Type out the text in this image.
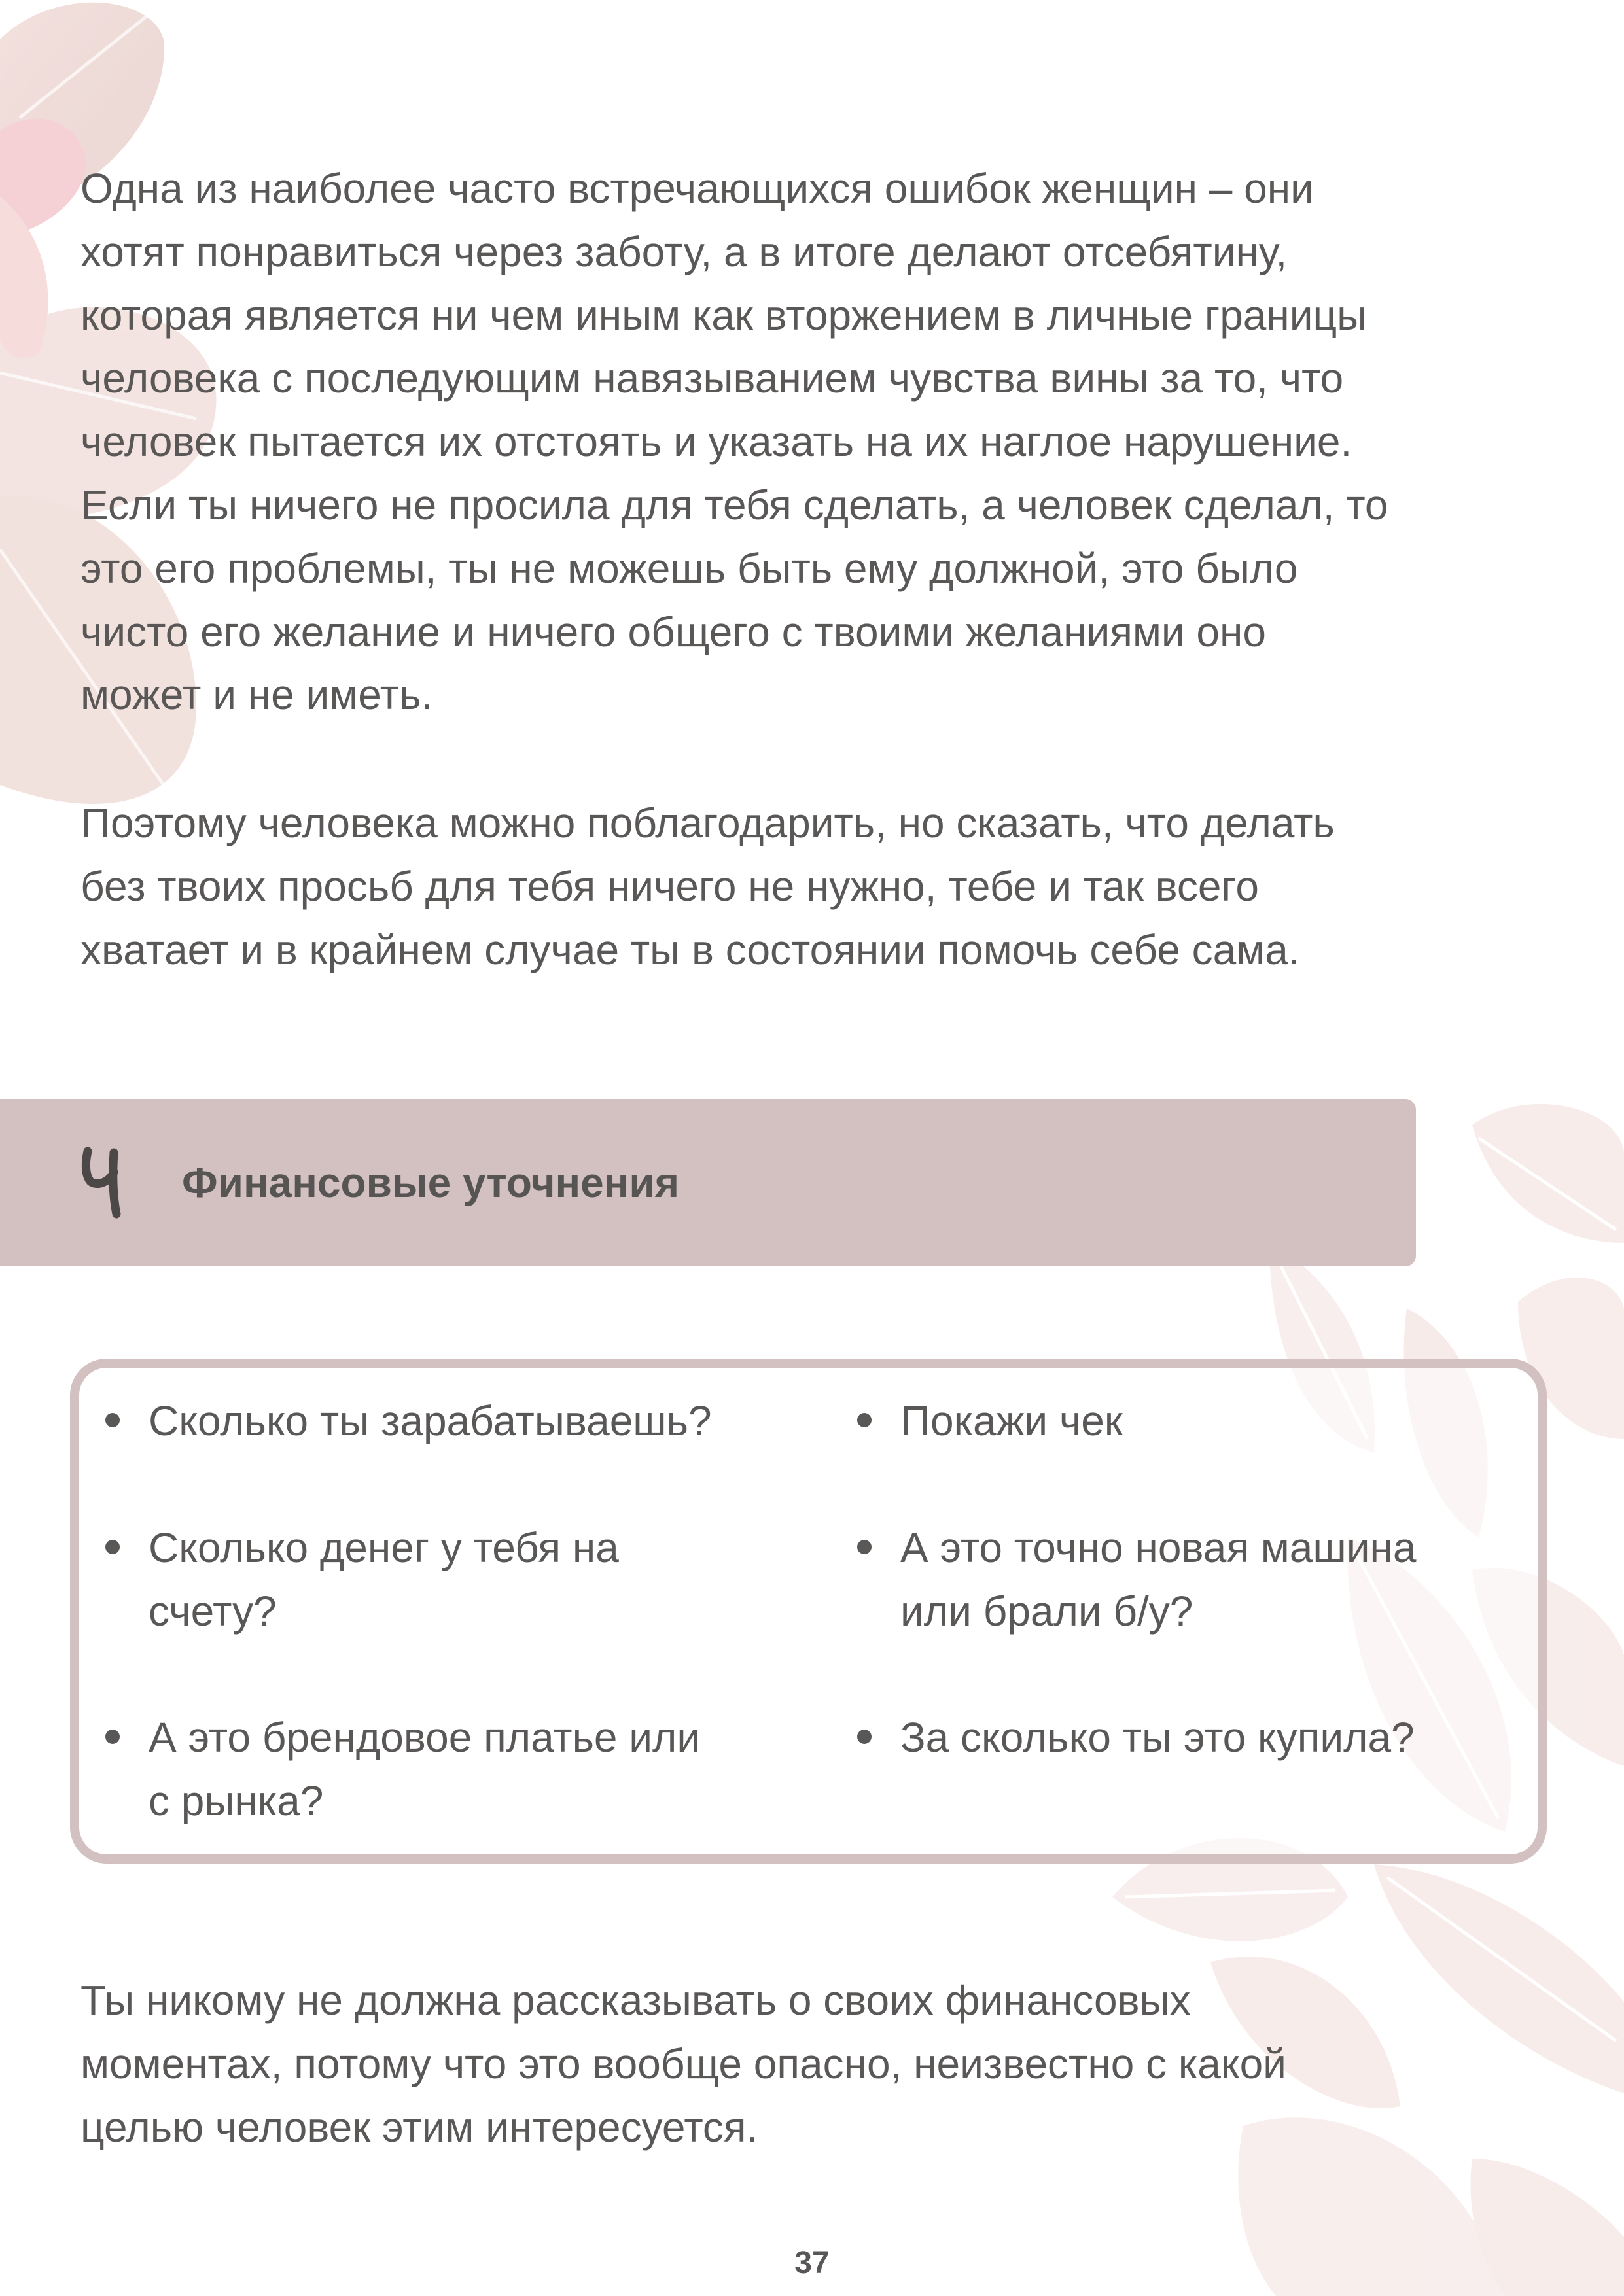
Одна из наиболее часто встречающихся ошибок женщин – они
хотят понравиться через заботу, а в итоге делают отсебятину,
которая является ни чем иным как вторжением в личные границы
человека с последующим навязыванием чувства вины за то, что
человек пытается их отстоять и указать на их наглое нарушение.
Если ты ничего не просила для тебя сделать, а человек сделал, то
это его проблемы, ты не можешь быть ему должной, это было
чисто его желание и ничего общего с твоими желаниями оно
может и не иметь.

Поэтому человека можно поблагодарить, но сказать, что делать
без твоих просьб для тебя ничего не нужно, тебе и так всего
хватает и в крайнем случае ты в состоянии помочь себе сама.

Финансовые уточнения
Сколько ты зарабатываешь?
Сколько денег у тебя на
счету?
А это брендовое платье или
с рынка?
Покажи чек
А это точно новая машина
или брали б/у?
За сколько ты это купила?

Ты никому не должна рассказывать о своих финансовых
моментах, потому что это вообще опасно, неизвестно с какой
целью человек этим интересуется.

37
